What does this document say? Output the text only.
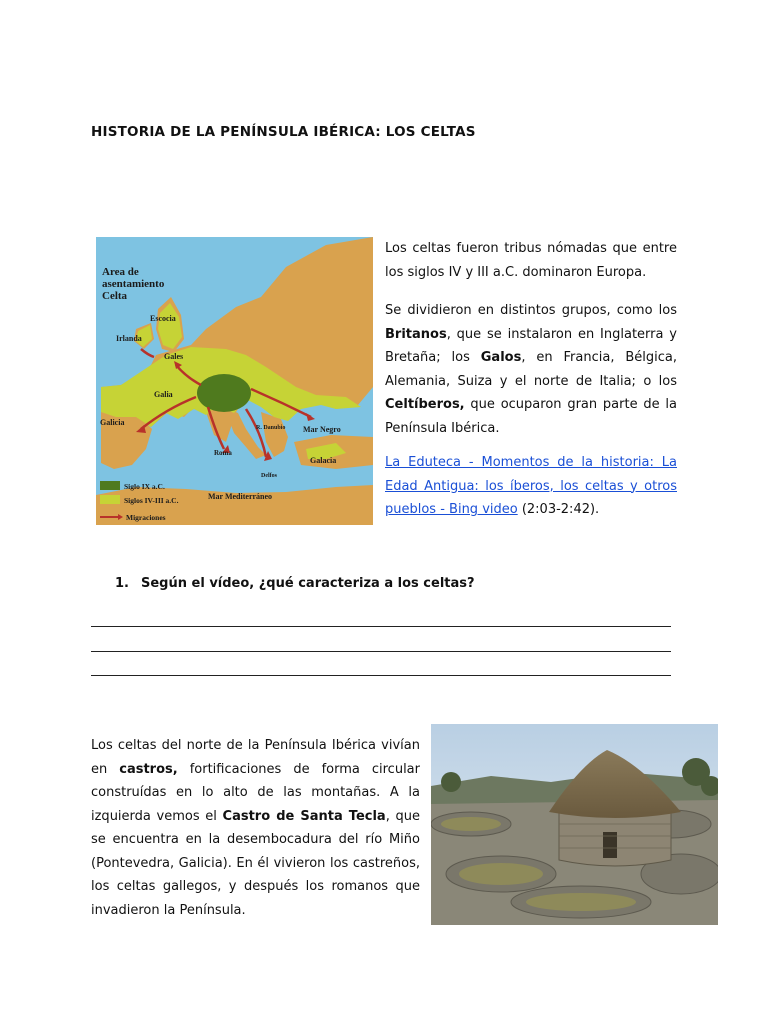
HISTORIA DE LA PENÍNSULA IBÉRICA: LOS CELTAS
Area de
asentamiento
Celta
Escocia
Irlanda
Gales
Galia
Galicia
Roma
Mar Negro
Galacia
Delfos
R. Danubio
Mar Mediterráneo
Siglo IX a.C.
Siglos IV-III a.C.
Migraciones
Los celtas fueron tribus nómadas que entre los siglos IV y III a.C. dominaron Europa.
Se dividieron en distintos grupos, como los Britanos, que se instalaron en Inglaterra y Bretaña; los Galos, en Francia, Bélgica, Alemania, Suiza y el norte de Italia; o los Celtíberos, que ocuparon gran parte de la Península Ibérica.
La Eduteca - Momentos de la historia: La Edad Antigua: los íberos, los celtas y otros pueblos - Bing video (2:03-2:42).
1. Según el vídeo, ¿qué caracteriza a los celtas?
Los celtas del norte de la Península Ibérica vivían en castros, fortificaciones de forma circular construídas en lo alto de las montañas. A la izquierda vemos el Castro de Santa Tecla, que se encuentra en la desembocadura del río Miño (Pontevedra, Galicia). En él vivieron los castreños, los celtas gallegos, y después los romanos que invadieron la Península.
